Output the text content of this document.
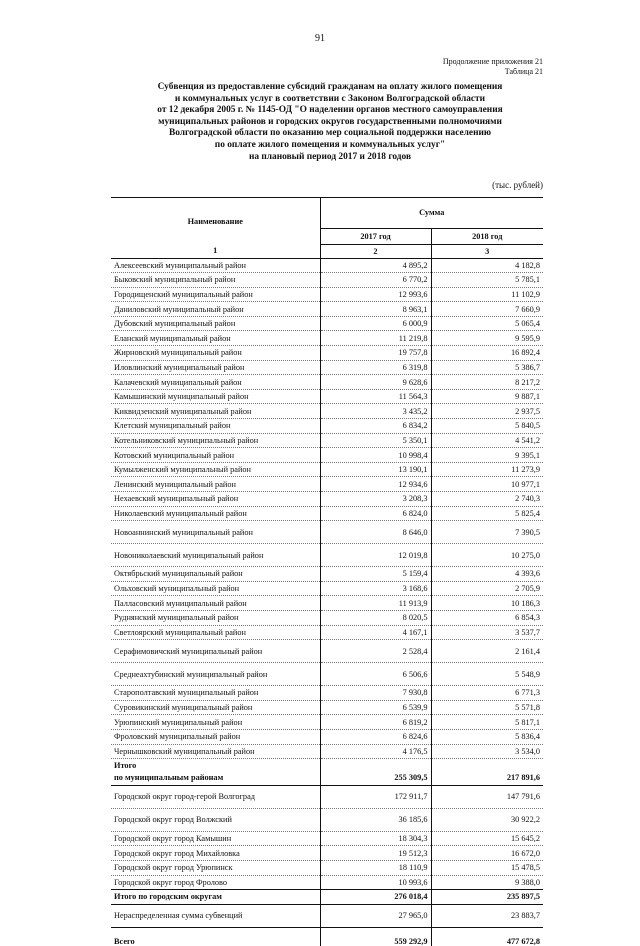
91
Продолжение приложения 21
Таблица 21
Субвенция из предоставление субсидий гражданам на оплату жилого помещения
и коммунальных услуг в соответствии с Законом Волгоградской области
от 12 декабря 2005 г. № 1145-ОД "О наделении органов местного самоуправления
муниципальных районов и городских округов государственными полномочиями
Волгоградской области по оказанию мер социальной поддержки населению
по оплате жилого помещения и коммунальных услуг"
на плановый период 2017 и 2018 годов
(тыс. рублей)
Наименование	Сумма	
	2017 год	2018 год
1	2	3
Алексеевский муниципальный район	4 895,2	4 182,8
Быковский муниципальный район	6 770,2	5 785,1
Городищенский муниципальный район	12 993,6	11 102,9
Даниловский муниципальный район	8 963,1	7 660,9
Дубовский муниципальный район	6 000,9	5 065,4
Еланский муниципальный район	11 219,8	9 595,9
Жирновский муниципальный район	19 757,8	16 892,4
Иловлинский муниципальный район	6 319,8	5 386,7
Калачевский муниципальный район	9 628,6	8 217,2
Камышинский муниципальный район	11 564,3	9 887,1
Киквидзенский муниципальный район	3 435,2	2 937,5
Клетский муниципальный район	6 834,2	5 840,5
Котельниковский муниципальный район	5 350,1	4 541,2
Котовский муниципальный район	10 998,4	9 395,1
Кумылженский муниципальный район	13 190,1	11 273,9
Ленинский муниципальный район	12 934,6	10 977,1
Нехаевский муниципальный район	3 208,3	2 740,3
Николаевский муниципальный район	6 824,0	5 825,4
Новоаннинский муниципальный район	8 646,0	7 390,5
Новониколаевский муниципальный район	12 019,8	10 275,0
Октябрьский муниципальный район	5 159,4	4 393,6
Ольховский муниципальный район	3 168,6	2 705,9
Палласовский муниципальный район	11 913,9	10 186,3
Руднянский муниципальный район	8 020,5	6 854,3
Светлоярский муниципальный район	4 167,1	3 537,7
Серафимовичский муниципальный район	2 528,4	2 161,4
Среднеахтубинский муниципальный район	6 506,6	5 548,9
Старополтавский муниципальный район	7 930,8	6 771,3
Суровикинский муниципальный район	6 539,9	5 571,8
Урюпинский муниципальный район	6 819,2	5 817,1
Фроловский муниципальный район	6 824,6	5 836,4
Чернышковский муниципальный район	4 176,5	3 534,0
Итого		
по муниципальным районам	255 309,5	217 891,6
Городской округ город-герой Волгоград	172 911,7	147 791,6
Городской округ город Волжский	36 185,6	30 922,2
Городской округ город Камышин	18 304,3	15 645,2
Городской округ город Михайловка	19 512,3	16 672,0
Городской округ город Урюпинск	18 110,9	15 478,5
Городской округ город Фролово	10 993,6	9 388,0
Итого по городским округам	276 018,4	235 897,5
Нераспределенная сумма субвенций	27 965,0	23 883,7
Всего	559 292,9	477 672,8
